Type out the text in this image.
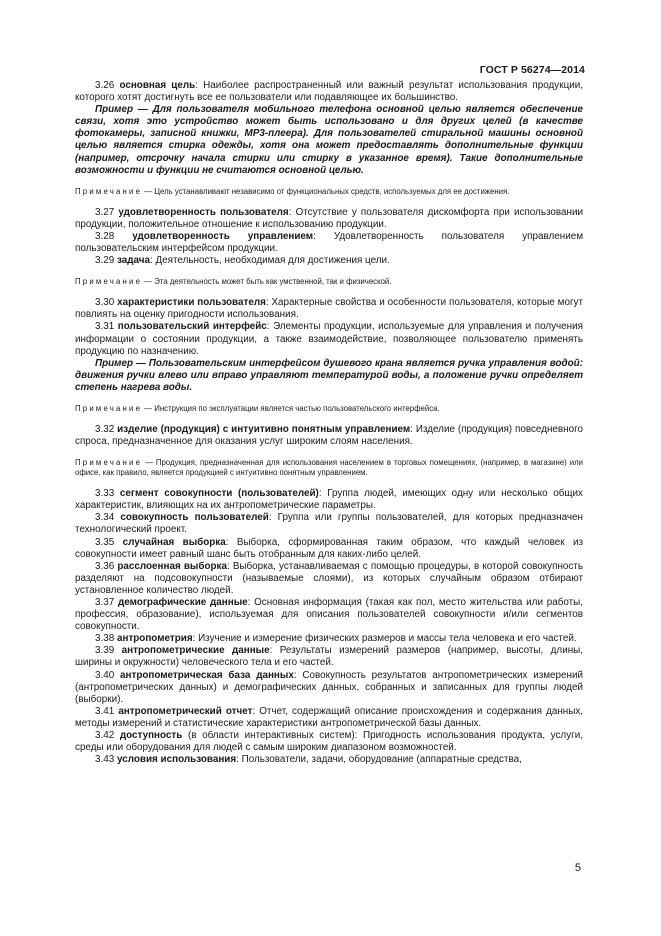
ГОСТ Р 56274—2014

3.26 основная цель: Наиболее распространенный или важный результат использования продукции, которого хотят достигнуть все ее пользователи или подавляющее их большинство.

Пример — Для пользователя мобильного телефона основной целью является обеспечение связи, хотя это устройство может быть использовано и для других целей (в качестве фотокамеры, записной книжки, MP3-плеера). Для пользователей стиральной машины основной целью является стирка одежды, хотя она может предоставлять дополнительные функции (например, отсрочку начала стирки или стирку в указанное время). Такие дополнительные возможности и функции не считаются основной целью.

Примечание — Цель устанавливают независимо от функциональных средств, используемых для ее достижения.

3.27 удовлетворенность пользователя: Отсутствие у пользователя дискомфорта при использовании продукции, положительное отношение к использованию продукции.

3.28 удовлетворенность управлением: Удовлетворенность пользователя управлением пользовательским интерфейсом продукции.

3.29 задача: Деятельность, необходимая для достижения цели.

Примечание — Эта деятельность может быть как умственной, так и физической.

3.30 характеристики пользователя: Характерные свойства и особенности пользователя, которые могут повлиять на оценку пригодности использования.

3.31 пользовательский интерфейс: Элементы продукции, используемые для управления и получения информации о состоянии продукции, а также взаимодействие, позволяющее пользователю применять продукцию по назначению.

Пример — Пользовательским интерфейсом душевого крана является ручка управления водой: движения ручки влево или вправо управляют температурой воды, а положение ручки определяет степень нагрева воды.

Примечание — Инструкция по эксплуатации является частью пользовательского интерфейса.

3.32 изделие (продукция) с интуитивно понятным управлением: Изделие (продукция) повседневного спроса, предназначенное для оказания услуг широким слоям населения.

Примечание — Продукция, предназначенная для использования населением в торговых помещениях, (например, в магазине) или офисе, как правило, является продукцией с интуитивно понятным управлением.

3.33 сегмент совокупности (пользователей): Группа людей, имеющих одну или несколько общих характеристик, влияющих на их антропометрические параметры.

3.34 совокупность пользователей: Группа или группы пользователей, для которых предназначен технологический проект.

3.35 случайная выборка: Выборка, сформированная таким образом, что каждый человек из совокупности имеет равный шанс быть отобранным для каких-либо целей.

3.36 расслоенная выборка: Выборка, устанавливаемая с помощью процедуры, в которой совокупность разделяют на подсовокупности (называемые слоями), из которых случайным образом отбирают установленное количество людей.

3.37 демографические данные: Основная информация (такая как пол, место жительства или работы, профессия, образование), используемая для описания пользователей совокупности и/или сегментов совокупности.

3.38 антропометрия: Изучение и измерение физических размеров и массы тела человека и его частей.

3.39 антропометрические данные: Результаты измерений размеров (например, высоты, длины, ширины и окружности) человеческого тела и его частей.

3.40 антропометрическая база данных: Совокупность результатов антропометрических измерений (антропометрических данных) и демографических данных, собранных и записанных для группы людей (выборки).

3.41 антропометрический отчет: Отчет, содержащий описание происхождения и содержания данных, методы измерений и статистические характеристики антропометрической базы данных.

3.42 доступность (в области интерактивных систем): Пригодность использования продукта, услуги, среды или оборудования для людей с самым широким диапазоном возможностей.

3.43 условия использования: Пользователи, задачи, оборудование (аппаратные средства,

5
